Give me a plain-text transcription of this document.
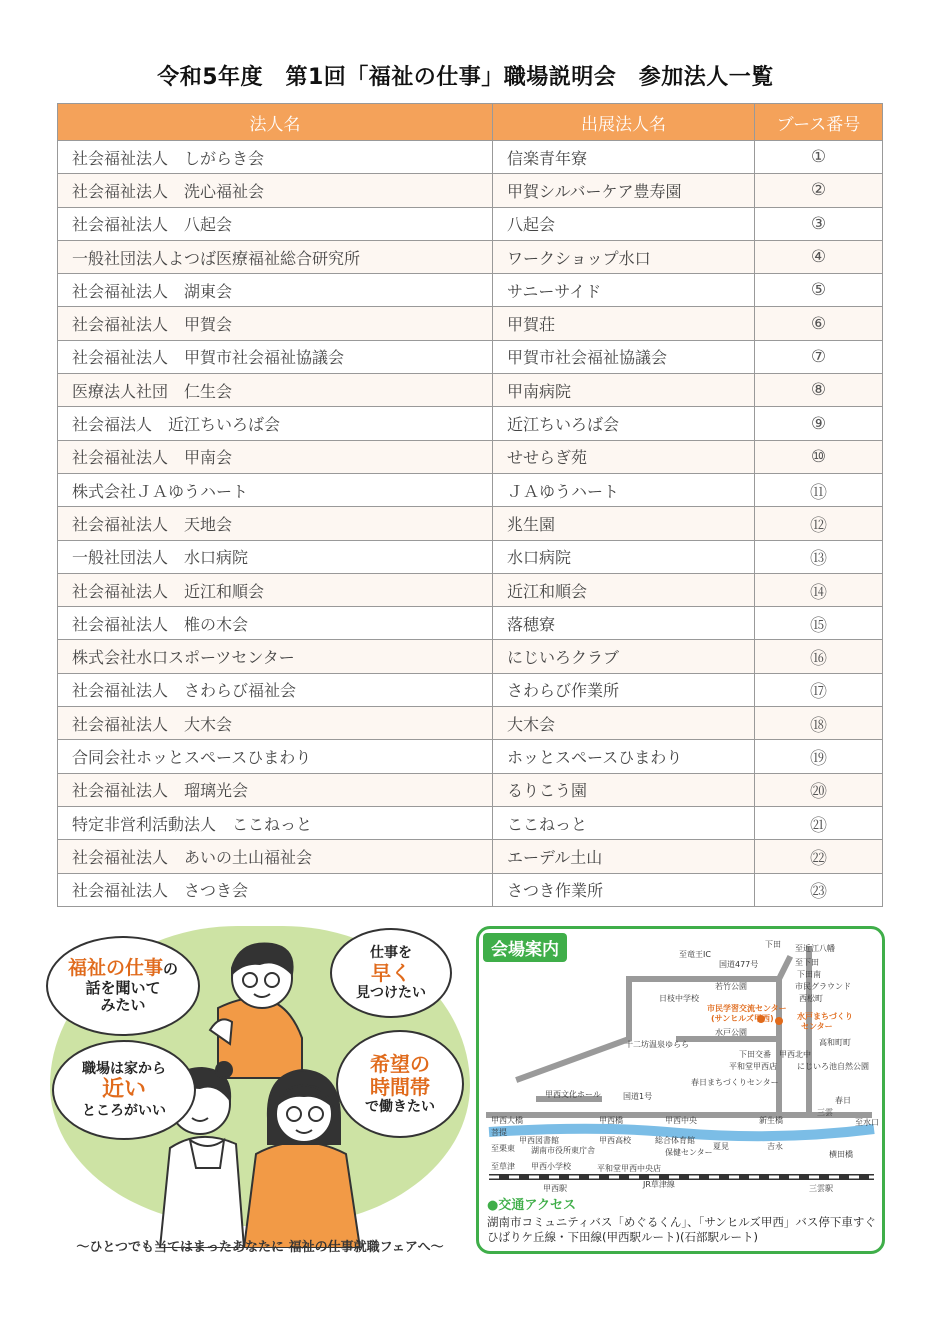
令和5年度　第1回「福祉の仕事」職場説明会　参加法人一覧
法人名	出展法人名	ブース番号
社会福祉法人　しがらき会	信楽青年寮	①
社会福祉法人　洗心福祉会	甲賀シルバーケア豊寿園	②
社会福祉法人　八起会	八起会	③
一般社団法人よつば医療福祉総合研究所	ワークショップ水口	④
社会福祉法人　湖東会	サニーサイド	⑤
社会福祉法人　甲賀会	甲賀荘	⑥
社会福祉法人　甲賀市社会福祉協議会	甲賀市社会福祉協議会	⑦
医療法人社団　仁生会	甲南病院	⑧
社会福法人　近江ちいろば会	近江ちいろば会	⑨
社会福祉法人　甲南会	せせらぎ苑	⑩
株式会社ＪＡゆうハート	ＪＡゆうハート	⑪
社会福祉法人　天地会	兆生園	⑫
一般社団法人　水口病院	水口病院	⑬
社会福祉法人　近江和順会	近江和順会	⑭
社会福祉法人　椎の木会	落穂寮	⑮
株式会社水口スポーツセンター	にじいろクラブ	⑯
社会福祉法人　さわらび福祉会	さわらび作業所	⑰
社会福祉法人　大木会	大木会	⑱
合同会社ホッとスペースひまわり	ホッとスペースひまわり	⑲
社会福祉法人　瑠璃光会	るりこう園	⑳
特定非営利活動法人　ここねっと	ここねっと	㉑
社会福祉法人　あいの土山福祉会	エーデル土山	㉒
社会福祉法人　さつき会	さつき作業所	㉓
福祉の仕事の
話を聞いて
みたい
仕事を
早く
見つけたい
職場は家から
近い
ところがいい
希望の
時間帯
で働きたい
〜ひとつでも当てはまったあなたに 福祉の仕事就職フェアへ〜
会場案内	至竜王IC
国道477号
下田 至近江八幡
至下田
下田南
若竹公園	市民グラウンド
西松町
日枝中学校
市民学習交流センター
(サンヒルズ甲西)	水戸まちづくり
センター
水戸公園
高和町町
十二坊温泉ゆらら
下田交番 甲西北中
平和堂甲西店	にじいろ池自然公園
春日まちづくりセンター
甲西文化ホール	国道1号
甲西大橋	甲西橋	甲西中央	新生橋
甲西図書館	甲西高校	総合体育館
湖南市役所東庁舎	保健センター
夏見	吉永
横田橋
三雲
至水口
甲西小学校
至草津	平和堂甲西中央店
甲西駅	JR草津線	三雲駅
春日
至栗東
菩提
●交通アクセス
湖南市コミュニティバス「めぐるくん」、「サンヒルズ甲西」バス停下車すぐ
ひばりケ丘線・下田線(甲西駅ルート)(石部駅ルート)
